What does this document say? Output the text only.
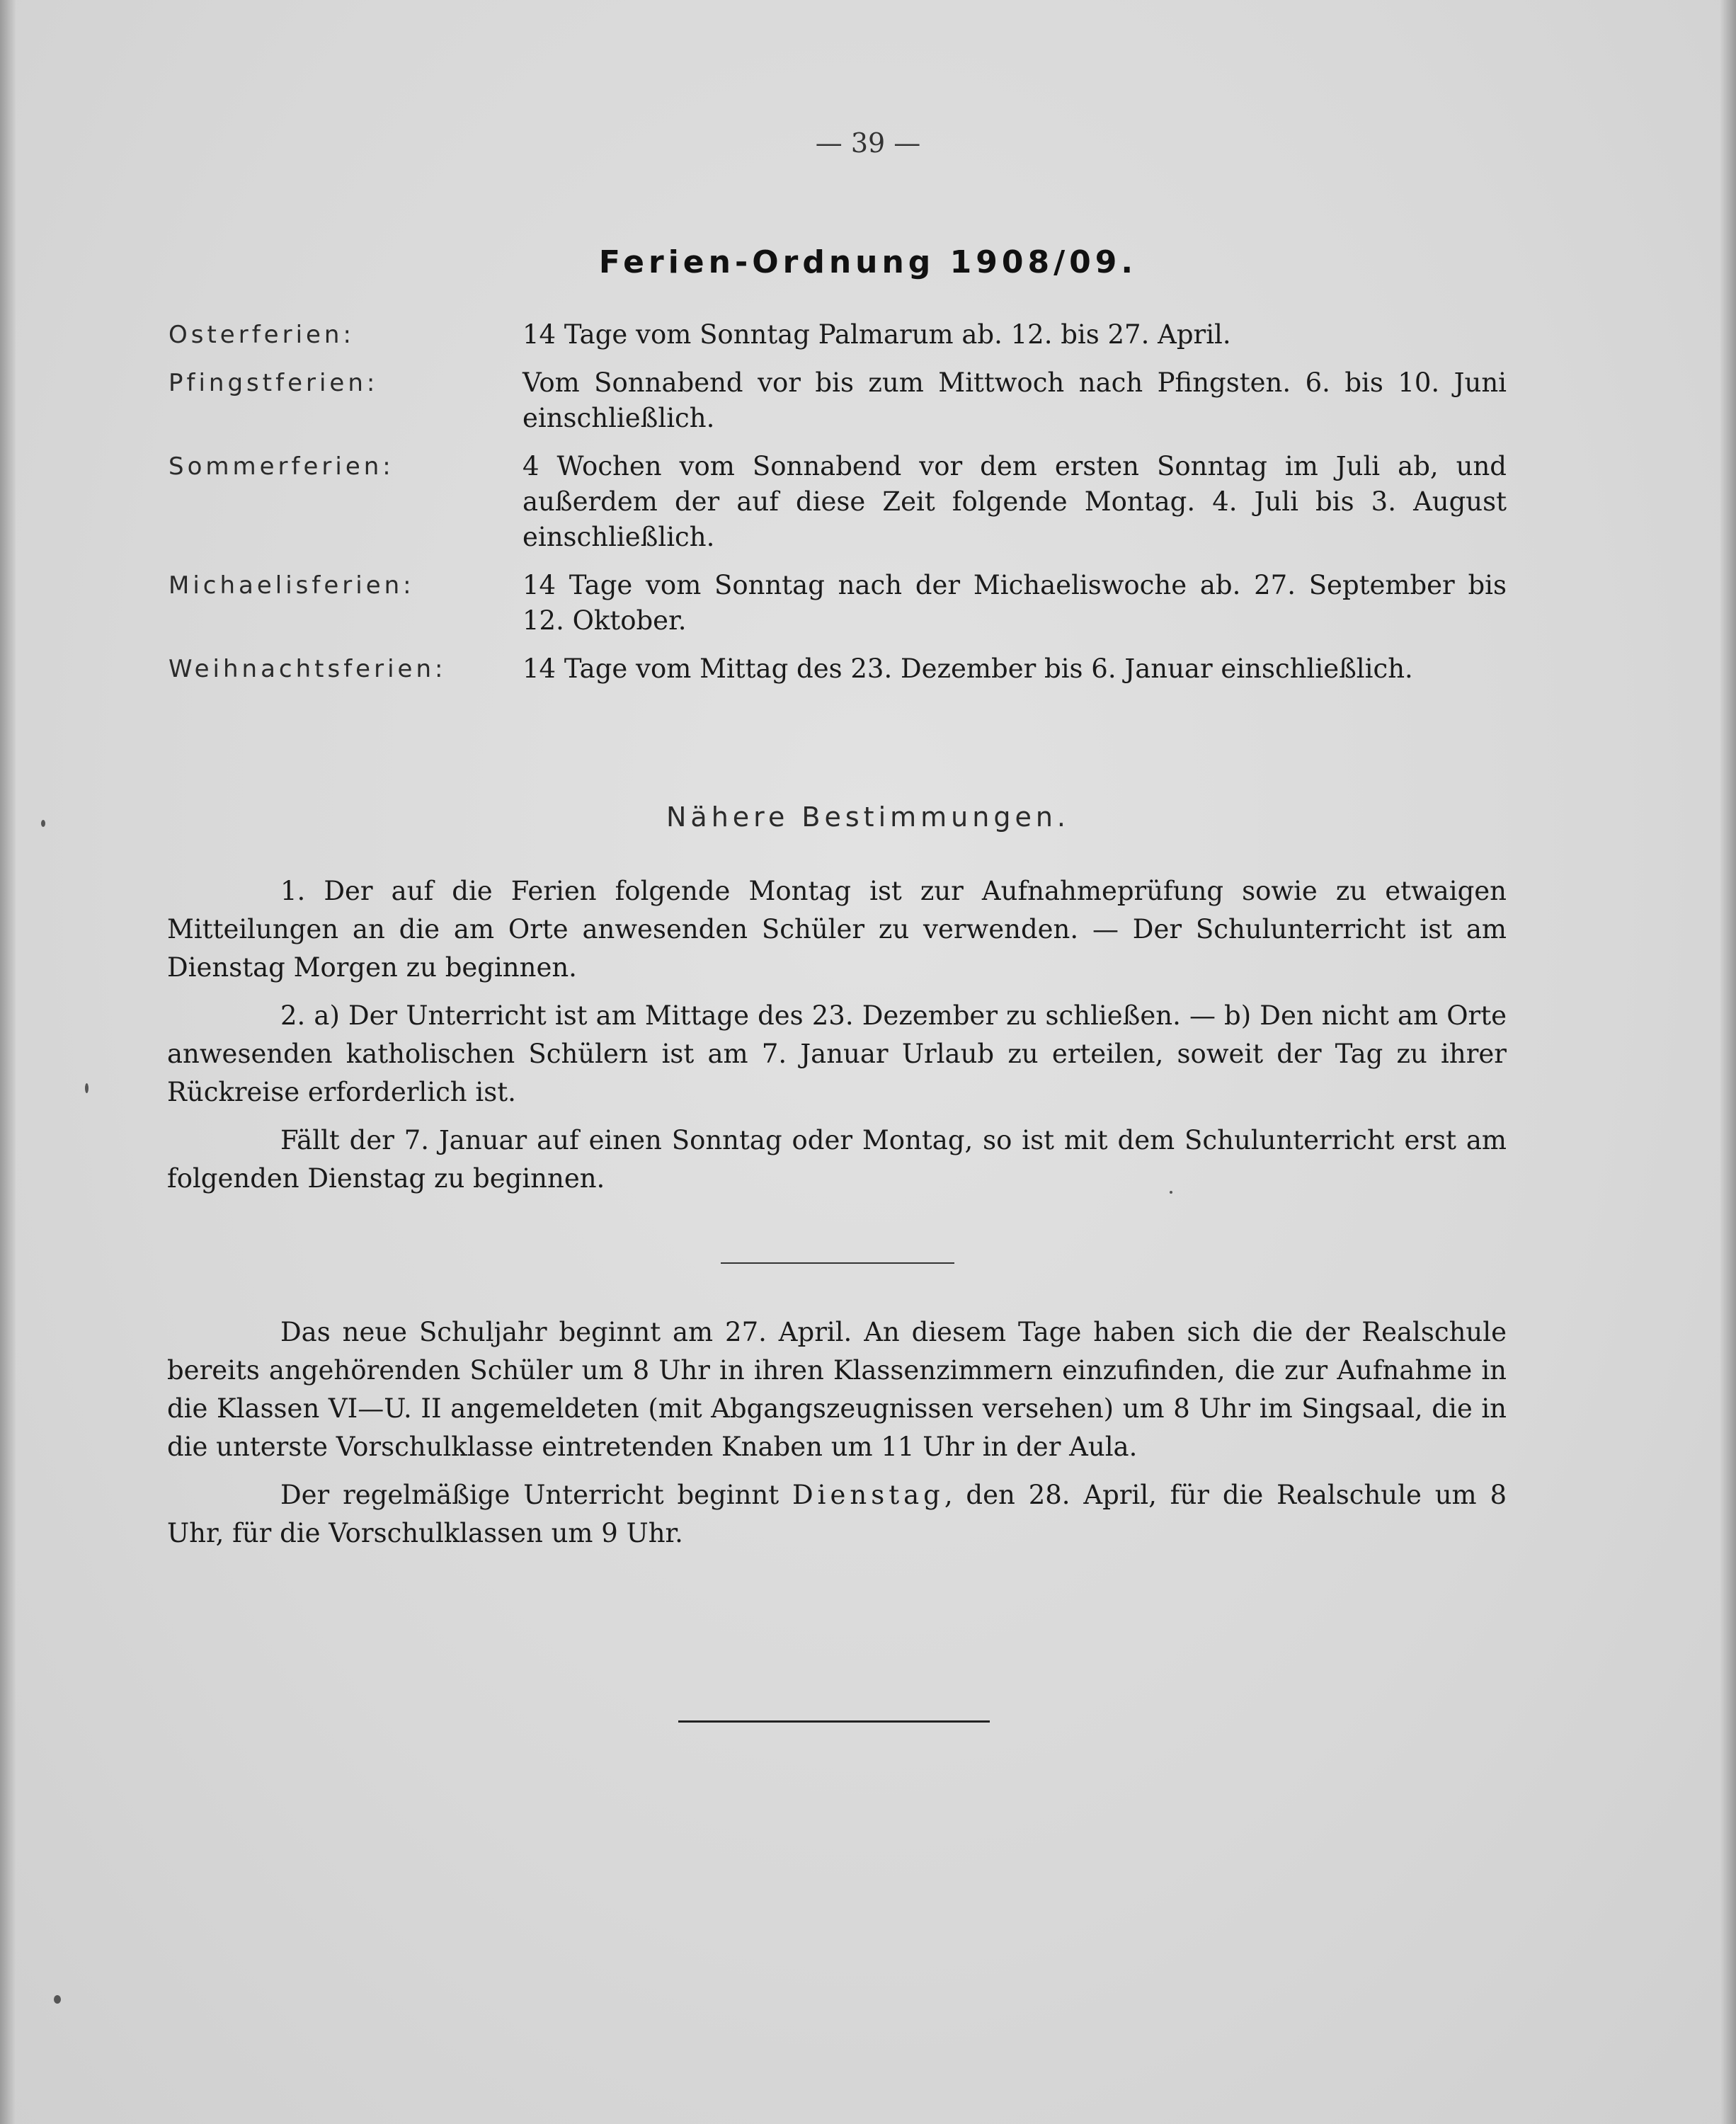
— 39 —
Ferien-Ordnung 1908/09.
Osterferien:	14 Tage vom Sonntag Palmarum ab. 12. bis 27. April.
Pfingstferien:	Vom Sonnabend vor bis zum Mittwoch nach Pfingsten. 6. bis 10. Juni einschließlich.
Sommerferien:	4 Wochen vom Sonnabend vor dem ersten Sonntag im Juli ab, und außerdem der auf diese Zeit folgende Montag. 4. Juli bis 3. August einschließlich.
Michaelisferien:	14 Tage vom Sonntag nach der Michaeliswoche ab. 27. September bis 12. Oktober.
Weihnachtsferien:	14 Tage vom Mittag des 23. Dezember bis 6. Januar einschließlich.
Nähere Bestimmungen.

1. Der auf die Ferien folgende Montag ist zur Aufnahmeprüfung sowie zu etwaigen Mitteilungen an die am Orte anwesenden Schüler zu verwenden. — Der Schulunterricht ist am Dienstag Morgen zu beginnen.

2. a) Der Unterricht ist am Mittage des 23. Dezember zu schließen. — b) Den nicht am Orte anwesenden katholischen Schülern ist am 7. Januar Urlaub zu erteilen, soweit der Tag zu ihrer Rückreise erforderlich ist.

Fällt der 7. Januar auf einen Sonntag oder Montag, so ist mit dem Schulunterricht erst am folgenden Dienstag zu beginnen.

Das neue Schuljahr beginnt am 27. April. An diesem Tage haben sich die der Realschule bereits angehörenden Schüler um 8 Uhr in ihren Klassenzimmern einzufinden, die zur Aufnahme in die Klassen VI—U. II angemeldeten (mit Abgangszeugnissen versehen) um 8 Uhr im Singsaal, die in die unterste Vorschulklasse eintretenden Knaben um 11 Uhr in der Aula.

Der regelmäßige Unterricht beginnt Dienstag, den 28. April, für die Realschule um 8 Uhr, für die Vorschulklassen um 9 Uhr.
